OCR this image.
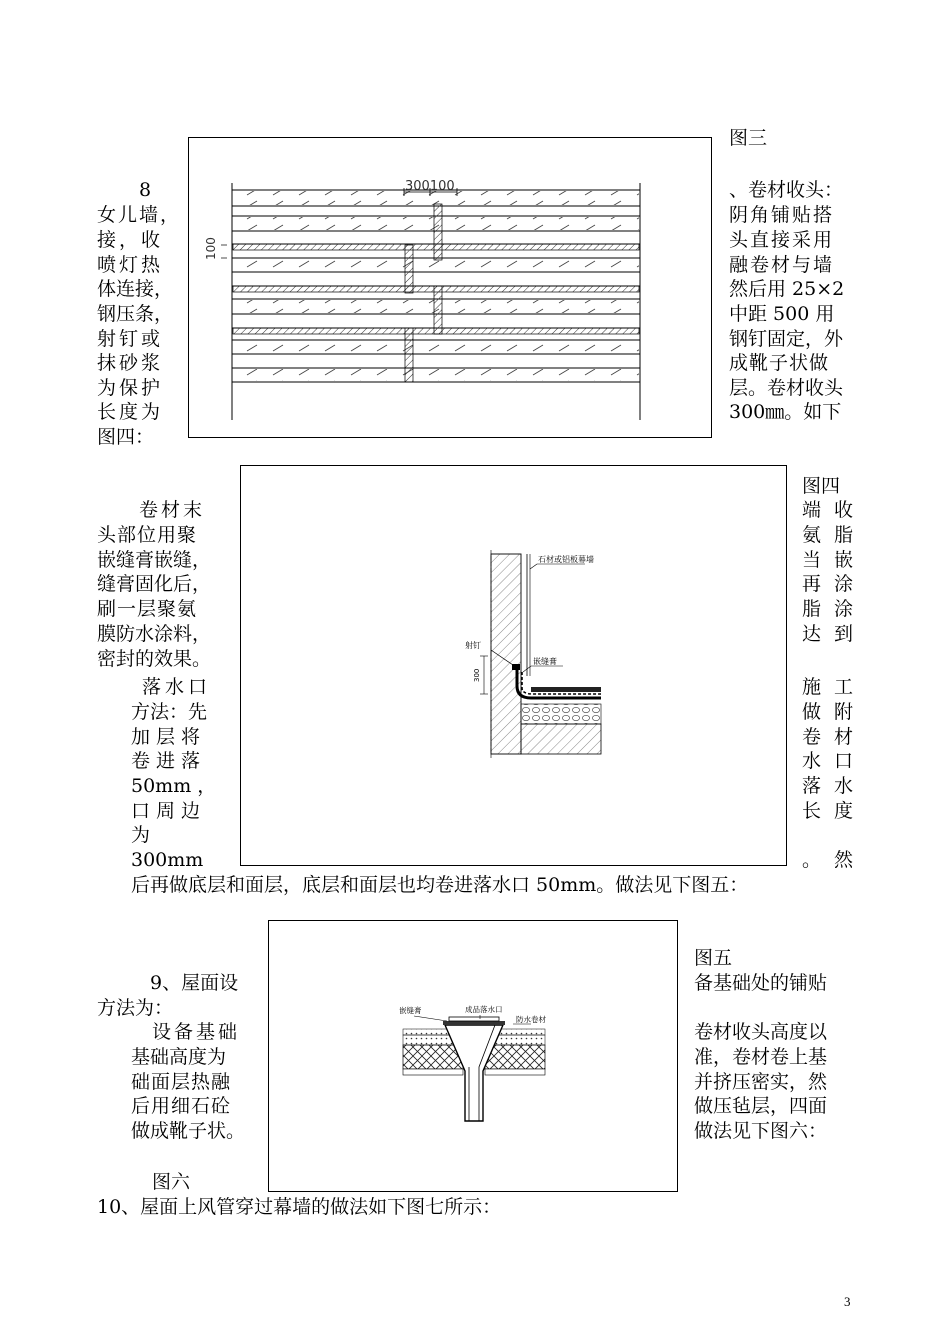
图三
8
女儿墙，
接，收
喷灯热
体连接，
钢压条，
射钉或
抹砂浆
为保护
长度为
图四：
、卷材收头：
阴角铺贴搭
头直接采用
融卷材与墙
然后用 25×2
中距 500 用
钢钉固定，外
成靴子状做
层。卷材收头
300㎜。如下
300100
100
图四
卷材末
头部位用聚
嵌缝膏嵌缝，
缝膏固化后，
刷一层聚氨
膜防水涂料，
密封的效果。
落水口
方法：先
加层将
卷进落
50mm ，
口周边
为
300mm
端收
氨脂
当嵌
再涂
脂涂
达到
施工
做附
卷材
水口
落水
长度
。然
后再做底层和面层，底层和面层也均卷进落水口 50mm。做法见下图五：
石材或铝板幕墙
射钉
嵌缝膏
300
图五
9、屋面设
方法为：
设备基础
基础高度为
础面层热融
后用细石砼
做成靴子状。
备基础处的铺贴
卷材收头高度以
准，卷材卷上基
并挤压密实，然
做压毡层，四面
做法见下图六：
图六
嵌缝膏	成品落水口
防水卷材
10、屋面上风管穿过幕墙的做法如下图七所示：
3
